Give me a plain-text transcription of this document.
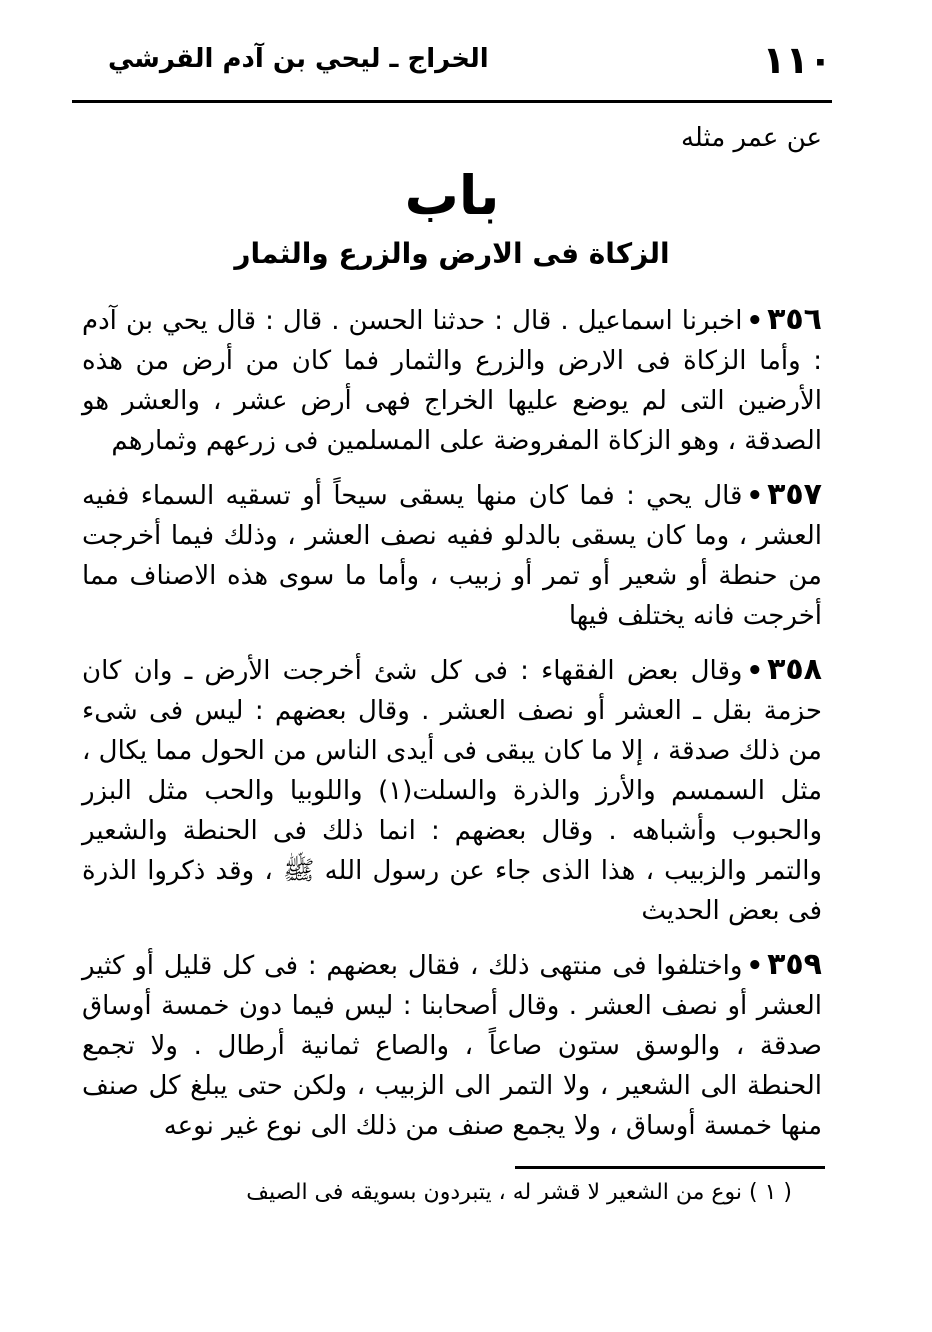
١١٠
الخراج ـ ليحي بن آدم القرشي

عن عمر مثله

باب
الزكاة فى الارض والزرع والثمار

٣٥٦•اخبرنا اسماعيل . قال : حدثنا الحسن . قال : قال يحي بن آدم : وأما الزكاة فى الارض والزرع والثمار فما كان من أرض من هذه الأرضين التى لم يوضع عليها الخراج فهى أرض عشر ، والعشر هو الصدقة ، وهو الزكاة المفروضة على المسلمين فى زرعهم وثمارهم

٣٥٧•قال يحي : فما كان منها يسقى سيحاً أو تسقيه السماء ففيه العشر ، وما كان يسقى بالدلو ففيه نصف العشر ، وذلك فيما أخرجت من حنطة أو شعير أو تمر أو زبيب ، وأما ما سوى هذه الاصناف مما أخرجت فانه يختلف فيها

٣٥٨•وقال بعض الفقهاء : فى كل شئ أخرجت الأرض ـ وان كان حزمة بقل ـ العشر أو نصف العشر . وقال بعضهم : ليس فى شىء من ذلك صدقة ، إلا ما كان يبقى فى أيدى الناس من الحول مما يكال ، مثل السمسم والأرز والذرة والسلت(١) واللوبيا والحب مثل البزر والحبوب وأشباهه . وقال بعضهم : انما ذلك فى الحنطة والشعير والتمر والزبيب ، هذا الذى جاء عن رسول الله ﷺ ، وقد ذكروا الذرة فى بعض الحديث

٣٥٩•واختلفوا فى منتهى ذلك ، فقال بعضهم : فى كل قليل أو كثير العشر أو نصف العشر . وقال أصحابنا : ليس فيما دون خمسة أوساق صدقة ، والوسق ستون صاعاً ، والصاع ثمانية أرطال . ولا تجمع الحنطة الى الشعير ، ولا التمر الى الزبيب ، ولكن حتى يبلغ كل صنف منها خمسة أوساق ، ولا يجمع صنف من ذلك الى نوع غير نوعه

( ١ ) نوع من الشعير لا قشر له ، يتبردون بسويقه فى الصيف
